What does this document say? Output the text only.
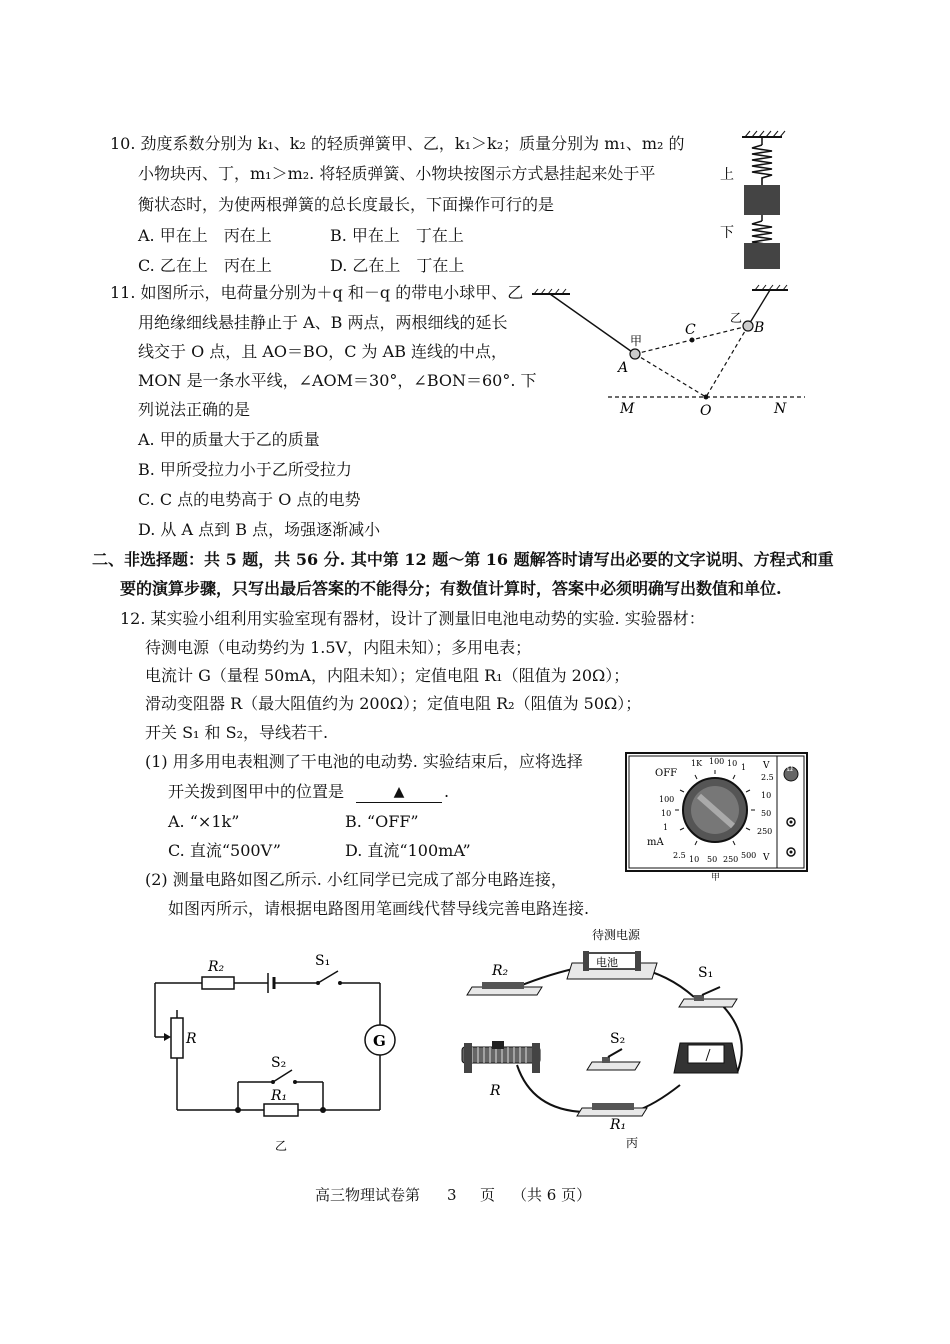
10. 劲度系数分别为 k₁、k₂ 的轻质弹簧甲、乙，k₁＞k₂；质量分别为 m₁、m₂ 的
小物块丙、丁，m₁＞m₂. 将轻质弹簧、小物块按图示方式悬挂起来处于平
衡状态时，为使两根弹簧的总长度最长，下面操作可行的是
A. 甲在上　丙在上	B. 甲在上　丁在上
C. 乙在上　丙在上	D. 乙在上　丁在上
上
下
11. 如图所示，电荷量分别为＋q 和－q 的带电小球甲、乙
用绝缘细线悬挂静止于 A、B 两点，两根细线的延长
线交于 O 点，且 AO＝BO，C 为 AB 连线的中点，
MON 是一条水平线，∠AOM＝30°，∠BON＝60°. 下
列说法正确的是
A. 甲的质量大于乙的质量
B. 甲所受拉力小于乙所受拉力
C. C 点的电势高于 O 点的电势
D. 从 A 点到 B 点，场强逐渐减小
甲
乙
A
B
C
O
M	N
二、非选择题：共 5 题，共 56 分. 其中第 12 题～第 16 题解答时请写出必要的文字说明、方程式和重
要的演算步骤，只写出最后答案的不能得分；有数值计算时，答案中必须明确写出数值和单位.
12. 某实验小组利用实验室现有器材，设计了测量旧电池电动势的实验. 实验器材：
待测电源（电动势约为 1.5V，内阻未知）；多用电表；
电流计 G（量程 50mA，内阻未知）；定值电阻 R₁（阻值为 20Ω）；
滑动变阻器 R（最大阻值约为 200Ω）；定值电阻 R₂（阻值为 50Ω）；
开关 S₁ 和 S₂，导线若干.
(1) 用多用电表粗测了干电池的电动势. 实验结束后，应将选择
开关拨到图甲中的位置是	▲	.
A. “×1k”	B. “OFF”
C. 直流“500V”	D. 直流“100mA”
(2) 测量电路如图乙所示. 小红同学已完成了部分电路连接，
如图丙所示，请根据电路图用笔画线代替导线完善电路连接.
OFF
V
1K 100 10 1
100
10
1
mA
2.5
10
50
250
2.5 10 50 250 500 V
Ω
甲
G
R₂	S₁
R
S₂
R₁
乙
待测电源
电池
R₂	S₁
S₂
R
R₁
丙
高三物理试卷第 3 页 （共 6 页）
